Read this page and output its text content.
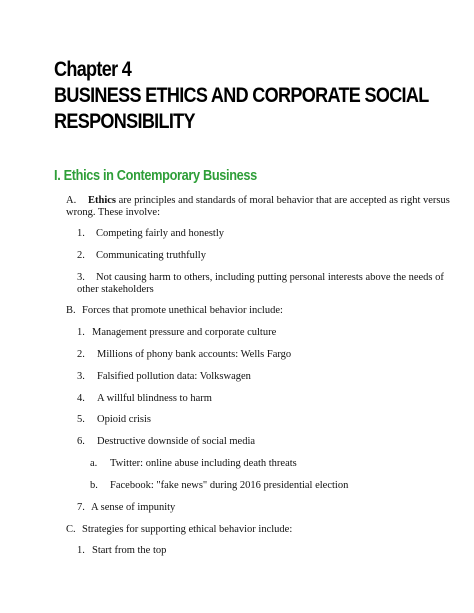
Chapter 4
BUSINESS ETHICS AND CORPORATE SOCIAL
RESPONSIBILITY
I. Ethics in Contemporary Business
A. Ethics are principles and standards of moral behavior that are accepted as right versus
wrong. These involve:
1. Competing fairly and honestly
2. Communicating truthfully
3. Not causing harm to others, including putting personal interests above the needs of
other stakeholders
B. Forces that promote unethical behavior include:
1. Management pressure and corporate culture
2. Millions of phony bank accounts: Wells Fargo
3. Falsified pollution data: Volkswagen
4. A willful blindness to harm
5. Opioid crisis
6. Destructive downside of social media
a. Twitter: online abuse including death threats
b. Facebook: "fake news" during 2016 presidential election
7. A sense of impunity
C. Strategies for supporting ethical behavior include:
1. Start from the top
